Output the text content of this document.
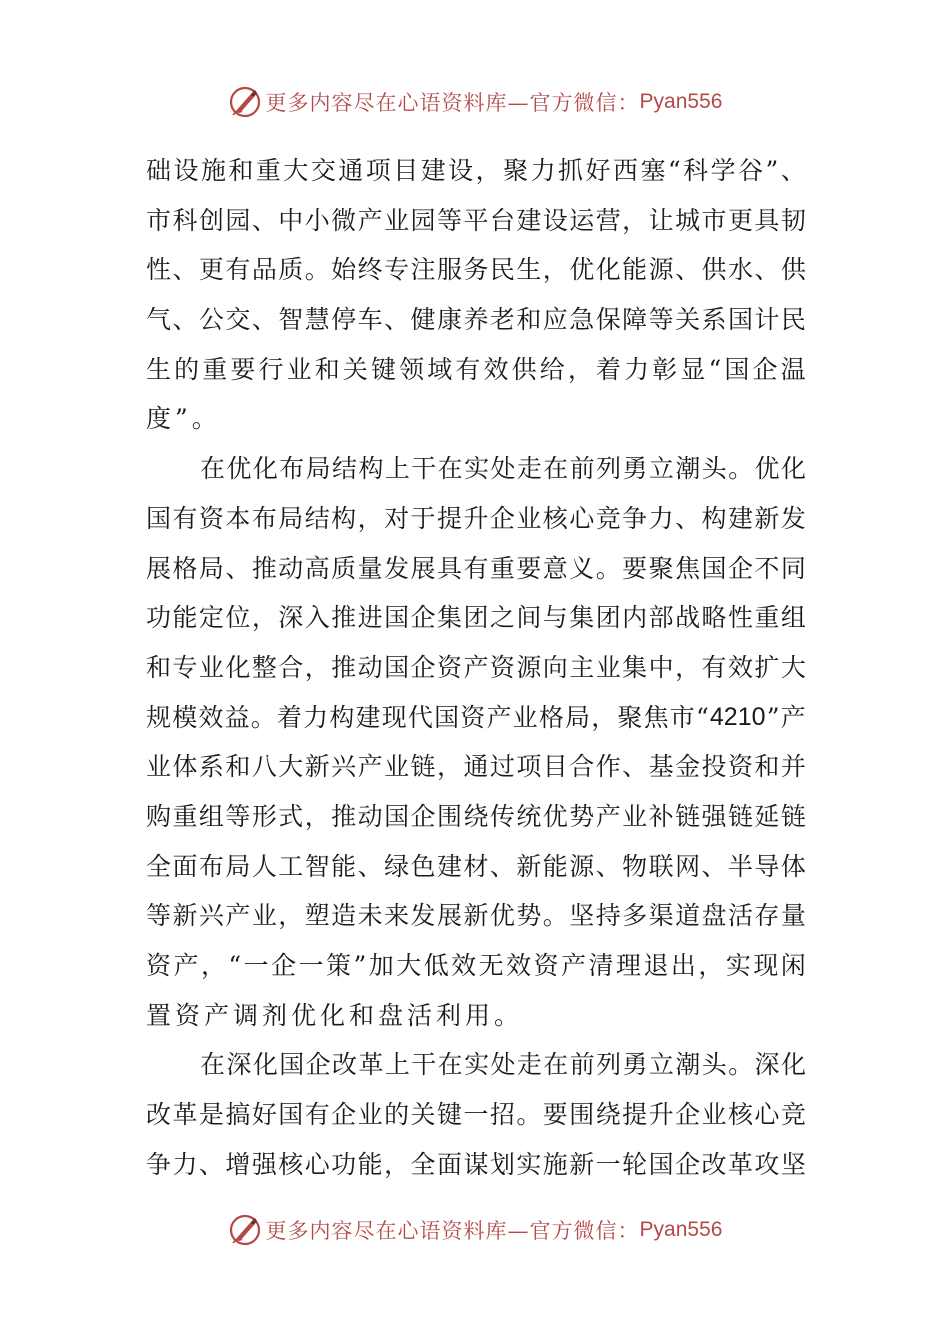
更多内容尽在心语资料库—官方微信： Pyan556
础 设 施 和 重 大 交 通 项 目 建 设 ， 聚 力 抓 好 西 塞 “ 科 学 谷 ” 、
市 科 创 园 、 中 小 微 产 业 园 等 平 台 建 设 运 营 ， 让 城 市 更 具 韧
性 、 更 有 品 质 。 始 终 专 注 服 务 民 生 ， 优 化 能 源 、 供 水 、 供
气 、 公 交 、 智 慧 停 车 、 健 康 养 老 和 应 急 保 障 等 关 系 国 计 民
生 的 重 要 行 业 和 关 键 领 域 有 效 供 给 ， 着 力 彰 显 “ 国 企 温
度”。
在 优 化 布 局 结 构 上 干 在 实 处 走 在 前 列 勇 立 潮 头 。 优 化
国 有 资 本 布 局 结 构 ， 对 于 提 升 企 业 核 心 竞 争 力 、 构 建 新 发
展 格 局 、 推 动 高 质 量 发 展 具 有 重 要 意 义 。 要 聚 焦 国 企 不 同
功 能 定 位 ， 深 入 推 进 国 企 集 团 之 间 与 集 团 内 部 战 略 性 重 组
和 专 业 化 整 合 ， 推 动 国 企 资 产 资 源 向 主 业 集 中 ， 有 效 扩 大
规 模 效 益 。 着 力 构 建 现 代 国 资 产 业 格 局 ， 聚 焦 市 “ 4210 ” 产
业 体 系 和 八 大 新 兴 产 业 链 ， 通 过 项 目 合 作 、 基 金 投 资 和 并
购 重 组 等 形 式 ， 推 动 国 企 围 绕 传 统 优 势 产 业 补 链 强 链 延 链
全 面 布 局 人 工 智 能 、 绿 色 建 材 、 新 能 源 、 物 联 网 、 半 导 体
等 新 兴 产 业 ， 塑 造 未 来 发 展 新 优 势 。 坚 持 多 渠 道 盘 活 存 量
资 产 ， “ 一 企 一 策 ” 加 大 低 效 无 效 资 产 清 理 退 出 ， 实 现 闲
置资产调剂优化和盘活利用。
在 深 化 国 企 改 革 上 干 在 实 处 走 在 前 列 勇 立 潮 头 。 深 化
改 革 是 搞 好 国 有 企 业 的 关 键 一 招 。 要 围 绕 提 升 企 业 核 心 竞
争 力 、 增 强 核 心 功 能 ， 全 面 谋 划 实 施 新 一 轮 国 企 改 革 攻 坚
更多内容尽在心语资料库—官方微信： Pyan556
